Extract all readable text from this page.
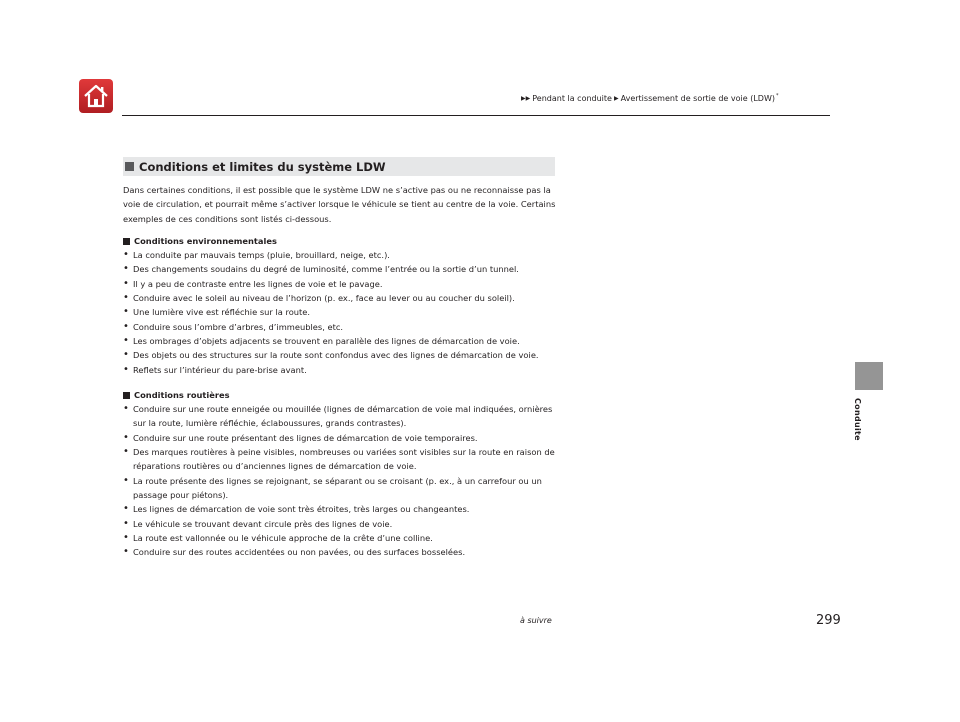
▶▶ Pendant la conduite ▶ Avertissement de sortie de voie (LDW) *
Conduite
Conditions et limites du système LDW

Dans certaines conditions, il est possible que le système LDW ne s’active pas ou ne reconnaisse pas la voie de circulation, et pourrait même s’activer lorsque le véhicule se tient au centre de la voie. Certains exemples de ces conditions sont listés ci-dessous.

Conditions environnementales
• La conduite par mauvais temps (pluie, brouillard, neige, etc.).
• Des changements soudains du degré de luminosité, comme l’entrée ou la sortie d’un tunnel.
• Il y a peu de contraste entre les lignes de voie et le pavage.
• Conduire avec le soleil au niveau de l’horizon (p. ex., face au lever ou au coucher du soleil).
• Une lumière vive est réfléchie sur la route.
• Conduire sous l’ombre d’arbres, d’immeubles, etc.
• Les ombrages d’objets adjacents se trouvent en parallèle des lignes de démarcation de voie.
• Des objets ou des structures sur la route sont confondus avec des lignes de démarcation de voie.
• Reflets sur l’intérieur du pare-brise avant.
Conditions routières
• Conduire sur une route enneigée ou mouillée (lignes de démarcation de voie mal indiquées, ornières sur la route, lumière réfléchie, éclaboussures, grands contrastes).
• Conduire sur une route présentant des lignes de démarcation de voie temporaires.
• Des marques routières à peine visibles, nombreuses ou variées sont visibles sur la route en raison de réparations routières ou d’anciennes lignes de démarcation de voie.
• La route présente des lignes se rejoignant, se séparant ou se croisant (p. ex., à un carrefour ou un passage pour piétons).
• Les lignes de démarcation de voie sont très étroites, très larges ou changeantes.
• Le véhicule se trouvant devant circule près des lignes de voie.
• La route est vallonnée ou le véhicule approche de la crête d’une colline.
• Conduire sur des routes accidentées ou non pavées, ou des surfaces bosselées.
à suivre	299
